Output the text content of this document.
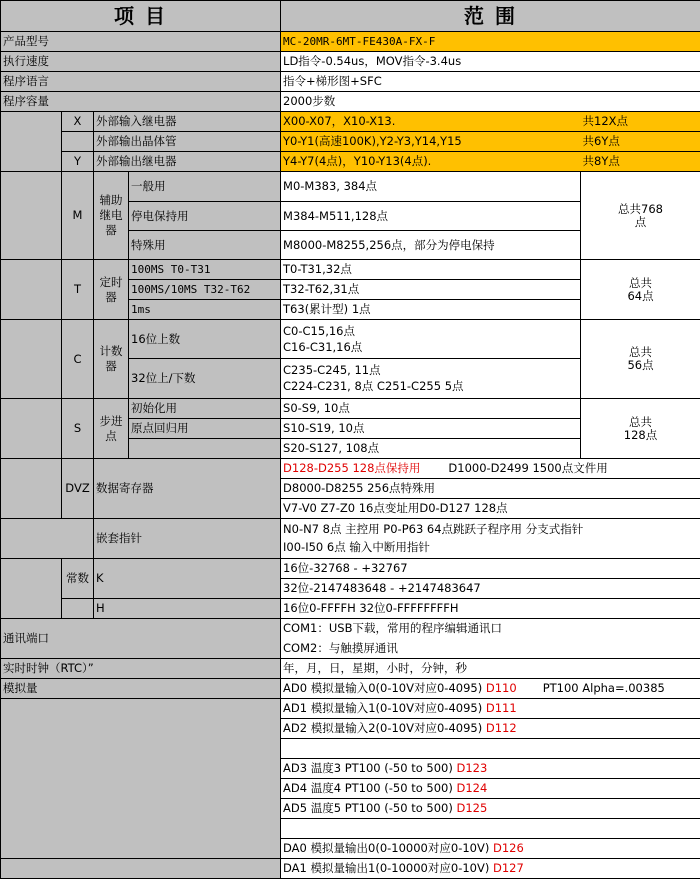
项 目				范 围	
产品型号				MC-20MR-6MT-FE430A-FX-F	
执行速度				LD指令-0.54us，MOV指令-3.4us	
程序语言				指令+梯形图+SFC	
程序容量				2000步数	
	X	外部输入继电器		X00-X07，X10-X13.	共12X点
		外部输出晶体管		Y0-Y1(高速100K),Y2-Y3,Y14,Y15	共6Y点
	Y	外部输出继电器		Y4-Y7(4点)，Y10-Y13(4点).	共8Y点
	M	辅助继电器	一般用	M0-M383, 384点	总共768点
			停电保持用	M384-M511,128点	
			特殊用	M8000-M8255,256点，部分为停电保持	
	T	定时器	100MS T0-T31	T0-T31,32点	总共64点
			100MS/10MS T32-T62	T32-T62,31点	
			1ms	T63(累计型) 1点	
	C	计数器	16位上数	C0-C15,16点
C16-C31,16点	总共56点
			32位上/下数	C235-C245, 11点
C224-C231, 8点 C251-C255 5点	

	S	步进点	初始化用	S0-S9, 10点	总共128点
			原点回归用	S10-S19, 10点	
				S20-S127, 108点	
	DVZ	数据寄存器		D128-D255 128点保持用 D1000-D2499 1500点文件用	
				D8000-D8255 256点特殊用	
				V7-V0 Z7-Z0 16点变址用D0-D127 128点	
		嵌套指针		N0-N7 8点 主控用 P0-P63 64点跳跃子程序用 分支式指针
I00-I50 6点 输入中断用指针	

	常数	K		16位-32768 - +32767	
				32位-2147483648 - +2147483647	
		H		16位0-FFFFH 32位0-FFFFFFFFH	
通讯端口				COM1：USB下载，常用的程序编辑通讯口
COM2：与触摸屏通讯	

实时时钟（RTC）”				年，月，日，星期，小时，分钟，秒	
模拟量				AD0 模拟量输入0(0-10V对应0-4095) D110 PT100 Alpha=.00385	
				AD1 模拟量输入1(0-10V对应0-4095) D111	
				AD2 模拟量输入2(0-10V对应0-4095) D112	

				AD3 温度3 PT100 (-50 to 500) D123	
				AD4 温度4 PT100 (-50 to 500) D124	
				AD5 温度5 PT100 (-50 to 500) D125	

				DA0 模拟量输出0(0-10000对应0-10V) D126	
				DA1 模拟量输出1(0-10000对应0-10V) D127	
